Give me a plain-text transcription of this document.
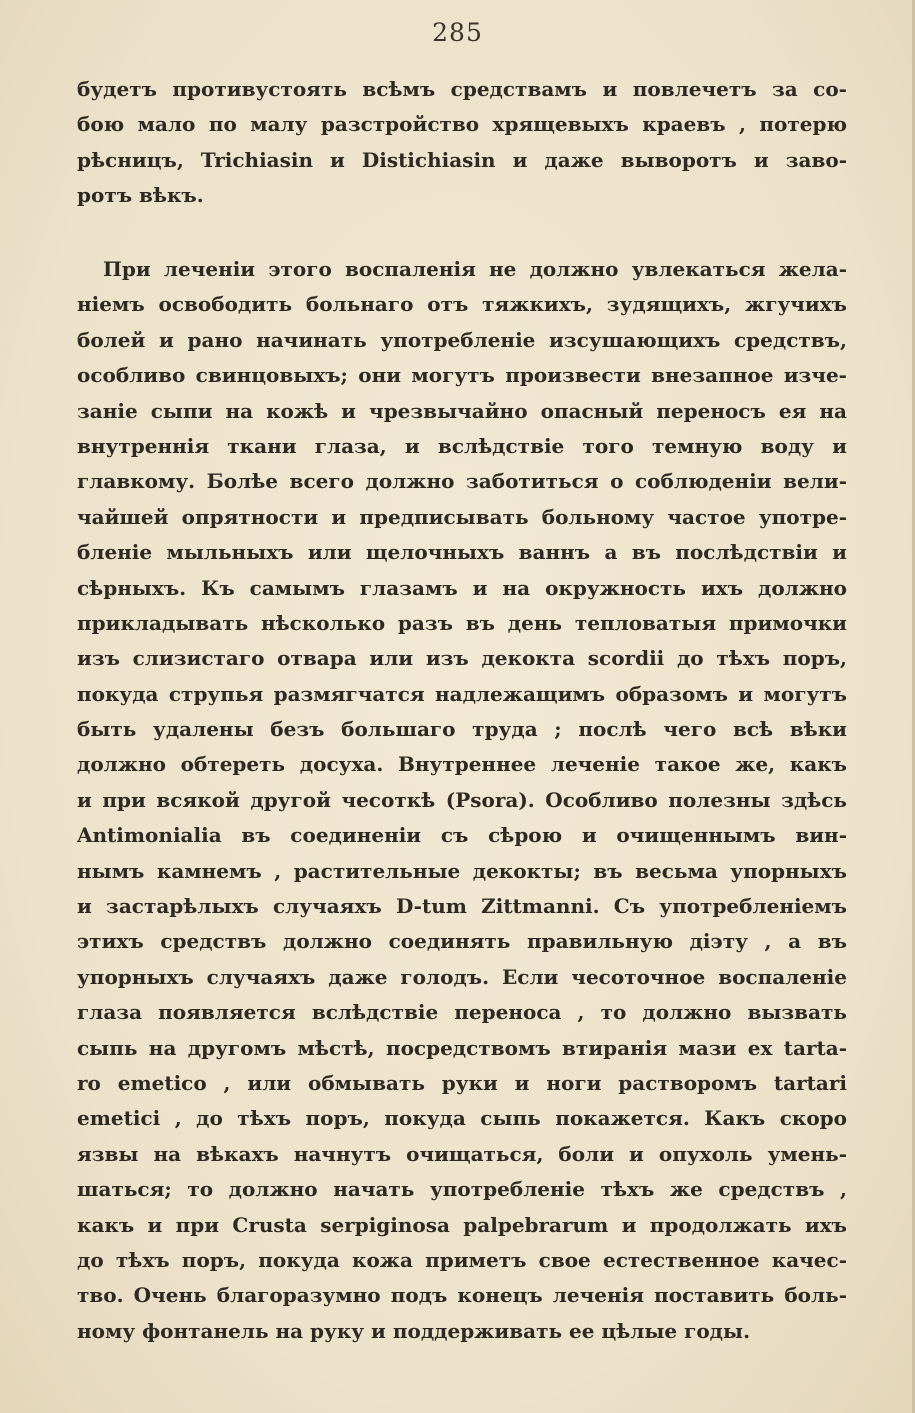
285
будетъ противустоять всѣмъ средствамъ и повлечетъ за со-
бою мало по малу разстройство хрящевыхъ краевъ , потерю
рѣсницъ, Trichiasin и Distichiasin и даже выворотъ и заво-
ротъ вѣкъ.
При леченіи этого воспаленія не должно увлекаться жела-
ніемъ освободить больнаго отъ тяжкихъ, зудящихъ, жгучихъ
болей и рано начинать употребленіе изсушающихъ средствъ,
особливо свинцовыхъ; они могутъ произвести внезапное изче-
заніе сыпи на кожѣ и чрезвычайно опасный переносъ ея на
внутреннія ткани глаза, и вслѣдствіе того темную воду и
главкому. Болѣе всего должно заботиться о соблюденіи вели-
чайшей опрятности и предписывать больному частое употре-
бленіе мыльныхъ или щелочныхъ ваннъ а въ послѣдствіи и
сѣрныхъ. Къ самымъ глазамъ и на окружность ихъ должно
прикладывать нѣсколько разъ въ день тепловатыя примочки
изъ слизистаго отвара или изъ декокта scordii до тѣхъ поръ,
покуда струпья размягчатся надлежащимъ образомъ и могутъ
быть удалены безъ большаго труда ; послѣ чего всѣ вѣки
должно обтереть досуха. Внутреннее леченіе такое же, какъ
и при всякой другой чесоткѣ (Psora). Особливо полезны здѣсь
Antimonialia въ соединеніи съ сѣрою и очищеннымъ вин-
нымъ камнемъ , растительные декокты; въ весьма упорныхъ
и застарѣлыхъ случаяхъ D-tum Zittmanni. Съ употребленіемъ
этихъ средствъ должно соединять правильную діэту , а въ
упорныхъ случаяхъ даже голодъ. Если чесоточное воспаленіе
глаза появляется вслѣдствіе переноса , то должно вызвать
сыпь на другомъ мѣстѣ, посредствомъ втиранія мази ex tarta-
ro emetico , или обмывать руки и ноги растворомъ tartari
emetici , до тѣхъ поръ, покуда сыпь покажется. Какъ скоро
язвы на вѣкахъ начнутъ очищаться, боли и опухоль умень-
шаться; то должно начать употребленіе тѣхъ же средствъ ,
какъ и при Crusta serpiginosa palpebrarum и продолжать ихъ
до тѣхъ поръ, покуда кожа приметъ свое естественное качес-
тво. Очень благоразумно подъ конецъ леченія поставить боль-
ному фонтанель на руку и поддерживать ее цѣлые годы.
